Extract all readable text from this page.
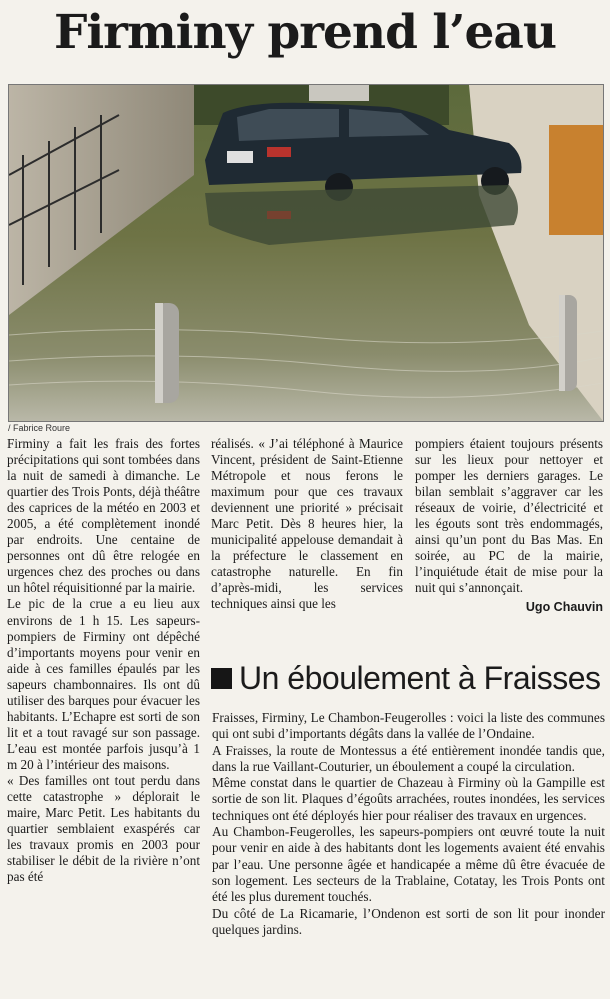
Firminy prend l’eau
/ Fabrice Roure

Firminy a fait les frais des fortes précipitations qui sont tombées dans la nuit de samedi à dimanche. Le quartier des Trois Ponts, déjà théâtre des caprices de la météo en 2003 et 2005, a été complètement inondé par endroits. Une centaine de personnes ont dû être relogée en urgences chez des proches ou dans un hôtel réquisitionné par la mairie.

Le pic de la crue a eu lieu aux environs de 1 h 15. Les sapeurs-pompiers de Firminy ont dépêché d’importants moyens pour venir en aide à ces familles épaulés par les sapeurs chambonnaires. Ils ont dû utiliser des barques pour évacuer les habitants. L’Echapre est sorti de son lit et a tout ravagé sur son passage. L’eau est montée parfois jusqu’à 1 m 20 à l’intérieur des maisons.

« Des familles ont tout perdu dans cette catastrophe » déplorait le maire, Marc Petit. Les habitants du quartier semblaient exaspérés car les travaux promis en 2003 pour stabiliser le débit de la rivière n’ont pas été

réalisés. « J’ai téléphoné à Maurice Vincent, président de Saint-Etienne Métropole et nous ferons le maximum pour que ces travaux deviennent une priorité » précisait Marc Petit. Dès 8 heures hier, la municipalité appelouse demandait à la préfecture le classement en catastrophe naturelle. En fin d’après-midi, les services techniques ainsi que les

pompiers étaient toujours présents sur les lieux pour nettoyer et pomper les derniers garages. Le bilan semblait s’aggraver car les réseaux de voirie, d’électricité et les égouts sont très endommagés, ainsi qu’un pont du Bas Mas. En soirée, au PC de la mairie, l’inquiétude était de mise pour la nuit qui s’annonçait.

Ugo Chauvin

Un éboulement à Fraisses

Fraisses, Firminy, Le Chambon-Feugerolles : voici la liste des communes qui ont subi d’importants dégâts dans la vallée de l’Ondaine.

A Fraisses, la route de Montessus a été entièrement inondée tandis que, dans la rue Vaillant-Couturier, un éboulement a coupé la circulation.

Même constat dans le quartier de Chazeau à Firminy où la Gampille est sortie de son lit. Plaques d’égoûts arrachées, routes inondées, les services techniques ont été déployés hier pour réaliser des travaux en urgences.

Au Chambon-Feugerolles, les sapeurs-pompiers ont œuvré toute la nuit pour venir en aide à des habitants dont les logements avaient été envahis par l’eau. Une personne âgée et handicapée a même dû être évacuée de son logement. Les secteurs de la Trablaine, Cotatay, les Trois Ponts ont été les plus durement touchés.

Du côté de La Ricamarie, l’Ondenon est sorti de son lit pour inonder quelques jardins.
